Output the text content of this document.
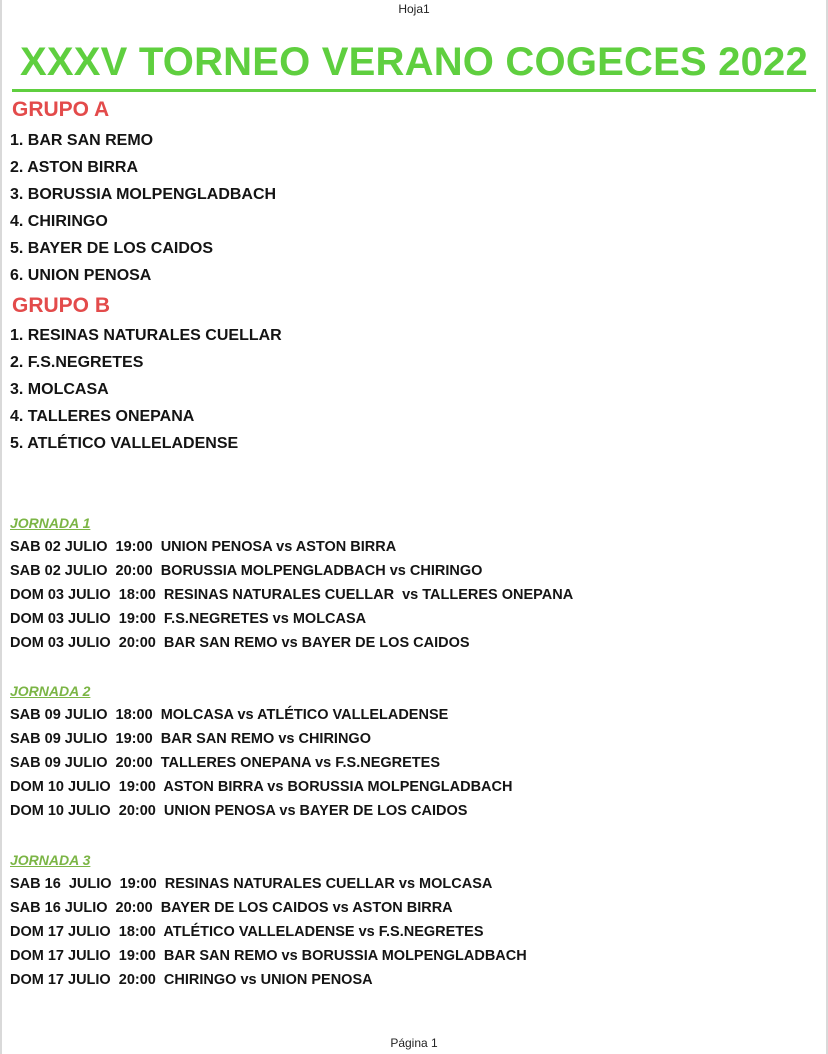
Hoja1
XXXV TORNEO VERANO COGECES 2022
GRUPO A
1. BAR SAN REMO
2. ASTON BIRRA
3. BORUSSIA MOLPENGLADBACH
4. CHIRINGO
5. BAYER DE LOS CAIDOS
6. UNION PENOSA
GRUPO B
1. RESINAS NATURALES CUELLAR
2. F.S.NEGRETES
3. MOLCASA
4. TALLERES ONEPANA
5. ATLÉTICO VALLELADENSE
JORNADA 1
SAB 02 JULIO  19:00  UNION PENOSA vs ASTON BIRRA
SAB 02 JULIO  20:00  BORUSSIA MOLPENGLADBACH vs CHIRINGO
DOM 03 JULIO  18:00  RESINAS NATURALES CUELLAR  vs TALLERES ONEPANA
DOM 03 JULIO  19:00  F.S.NEGRETES vs MOLCASA
DOM 03 JULIO  20:00  BAR SAN REMO vs BAYER DE LOS CAIDOS
JORNADA 2
SAB 09 JULIO  18:00  MOLCASA vs ATLÉTICO VALLELADENSE
SAB 09 JULIO  19:00  BAR SAN REMO vs CHIRINGO
SAB 09 JULIO  20:00  TALLERES ONEPANA vs F.S.NEGRETES
DOM 10 JULIO  19:00  ASTON BIRRA vs BORUSSIA MOLPENGLADBACH
DOM 10 JULIO  20:00  UNION PENOSA vs BAYER DE LOS CAIDOS
JORNADA 3
SAB 16  JULIO  19:00  RESINAS NATURALES CUELLAR vs MOLCASA
SAB 16 JULIO  20:00  BAYER DE LOS CAIDOS vs ASTON BIRRA
DOM 17 JULIO  18:00  ATLÉTICO VALLELADENSE vs F.S.NEGRETES
DOM 17 JULIO  19:00  BAR SAN REMO vs BORUSSIA MOLPENGLADBACH
DOM 17 JULIO  20:00  CHIRINGO vs UNION PENOSA
Página 1
